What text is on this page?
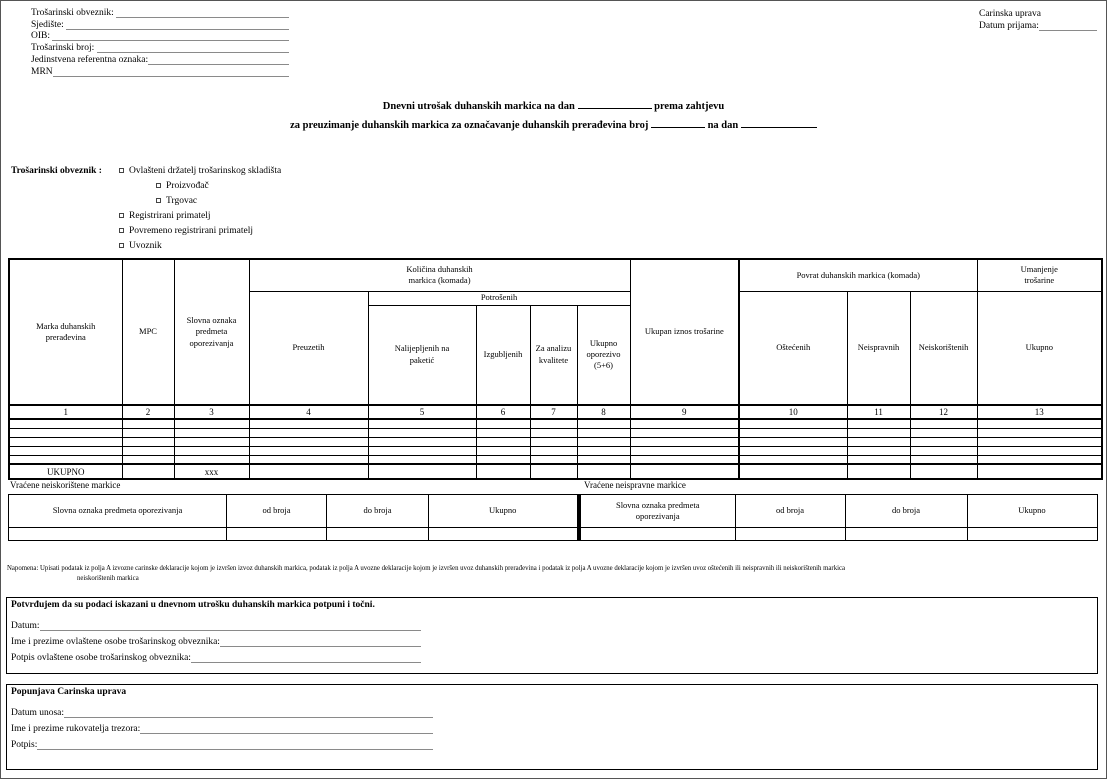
Trošarinski obveznik:

Sjedište:

OIB:

Trošarinski broj:

Jedinstvena referentna oznaka:
MRN
Carinska uprava
Datum prijama:
Dnevni utrošak duhanskih markica na dan	prema zahtjevu
za preuzimanje duhanskih markica za označavanje duhanskih prerađevina broj	na dan
Trošarinski obveznik :	Ovlašteni držatelj trošarinskog skladišta
Proizvođač
Trgovac
Registrirani primatelj
Povremeno registrirani primatelj
Uvoznik
Marka duhanskih prerađevina	MPC	Slovna oznaka predmeta oporezivanja	Količina duhanskih markica (komada)					Ukupan iznos trošarine	Povrat duhanskih markica (komada)			Umanjenje trošarine

			Preuzetih	Potrošenih					Oštećenih	Neispravnih	Neiskorištenih	Ukupno

				Nalijepljenih na paketić	Izgubljenih	Za analizu kvalitete	Ukupno oporezivo (5+6)					

1	2	3	4	5	6	7	8	9	10	11	12	13

UKUPNO		xxx										
Vraćene neiskorištene markice
Slovna oznaka predmeta oporezivanja	od broja	do broja	Ukupno

Vraćene neispravne markice
Slovna oznaka predmeta oporezivanja	od broja	do broja	Ukupno

Napomena: Upisati podatak iz polja A izvozne carinske deklaracije kojom je izvršen izvoz duhanskih markica, podatak iz polja A uvozne deklaracije kojom je izvršen uvoz duhanskih prerađevina i podatak iz polja A uvozne deklaracije kojom je izvršen uvoz oštećenih ili neispravnih ili neiskorištenih markica
neiskorištenih markica
Potvrđujem da su podaci iskazani u dnevnom utrošku duhanskih markica potpuni i točni.
Datum:
Ime i prezime ovlaštene osobe trošarinskog obveznika:
Potpis ovlaštene osobe trošarinskog obveznika:
Popunjava Carinska uprava
Datum unosa:
Ime i prezime rukovatelja trezora:
Potpis:
